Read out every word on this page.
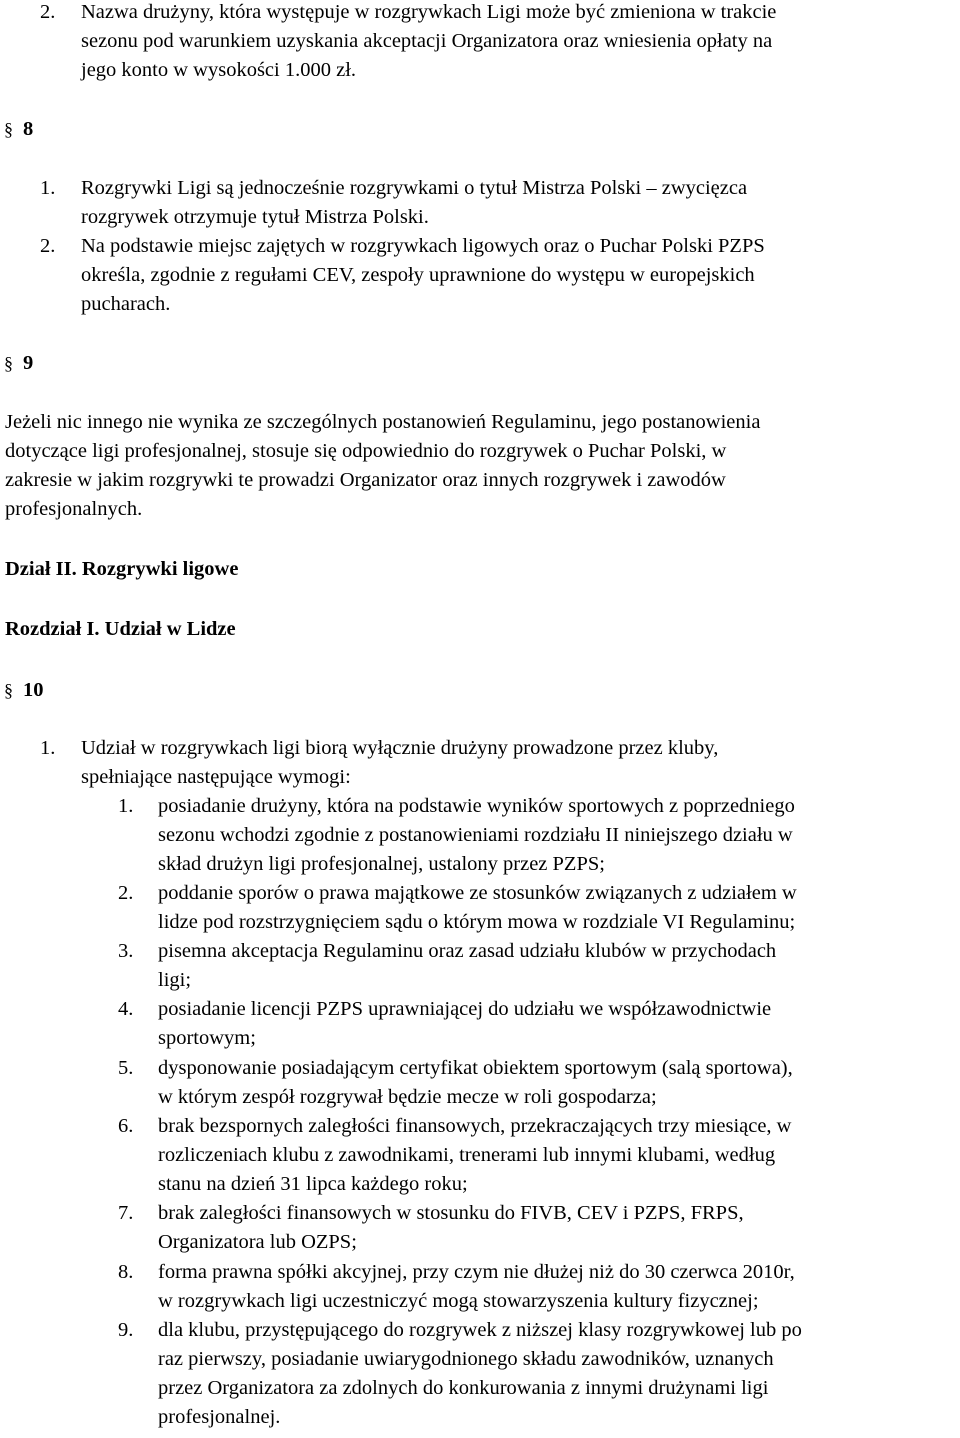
2. Nazwa drużyny, która występuje w rozgrywkach Ligi może być zmieniona w trakcie
sezonu pod warunkiem uzyskania akceptacji Organizatora oraz wniesienia opłaty na
jego konto w wysokości 1.000 zł.
§ 8
1. Rozgrywki Ligi są jednocześnie rozgrywkami o tytuł Mistrza Polski – zwycięzca
rozgrywek otrzymuje tytuł Mistrza Polski.
2. Na podstawie miejsc zajętych w rozgrywkach ligowych oraz o Puchar Polski PZPS
określa, zgodnie z regułami CEV, zespoły uprawnione do występu w europejskich
pucharach.
§ 9
Jeżeli nic innego nie wynika ze szczególnych postanowień Regulaminu, jego postanowienia
dotyczące ligi profesjonalnej, stosuje się odpowiednio do rozgrywek o Puchar Polski, w
zakresie w jakim rozgrywki te prowadzi Organizator oraz innych rozgrywek i zawodów
profesjonalnych.
Dział II. Rozgrywki ligowe
Rozdział I. Udział w Lidze
§ 10
1. Udział w rozgrywkach ligi biorą wyłącznie drużyny prowadzone przez kluby,
spełniające następujące wymogi:
1. posiadanie drużyny, która na podstawie wyników sportowych z poprzedniego
sezonu wchodzi zgodnie z postanowieniami rozdziału II niniejszego działu w
skład drużyn ligi profesjonalnej, ustalony przez PZPS;
2. poddanie sporów o prawa majątkowe ze stosunków związanych z udziałem w
lidze pod rozstrzygnięciem sądu o którym mowa w rozdziale VI Regulaminu;
3. pisemna akceptacja Regulaminu oraz zasad udziału klubów w przychodach
ligi;
4. posiadanie licencji PZPS uprawniającej do udziału we współzawodnictwie
sportowym;
5. dysponowanie posiadającym certyfikat obiektem sportowym (salą sportowa),
w którym zespół rozgrywał będzie mecze w roli gospodarza;
6. brak bezspornych zaległości finansowych, przekraczających trzy miesiące, w
rozliczeniach klubu z zawodnikami, trenerami lub innymi klubami, według
stanu na dzień 31 lipca każdego roku;
7. brak zaległości finansowych w stosunku do FIVB, CEV i PZPS, FRPS,
Organizatora lub OZPS;
8. forma prawna spółki akcyjnej, przy czym nie dłużej niż do 30 czerwca 2010r,
w rozgrywkach ligi uczestniczyć mogą stowarzyszenia kultury fizycznej;
9. dla klubu, przystępującego do rozgrywek z niższej klasy rozgrywkowej lub po
raz pierwszy, posiadanie uwiarygodnionego składu zawodników, uznanych
przez Organizatora za zdolnych do konkurowania z innymi drużynami ligi
profesjonalnej.
